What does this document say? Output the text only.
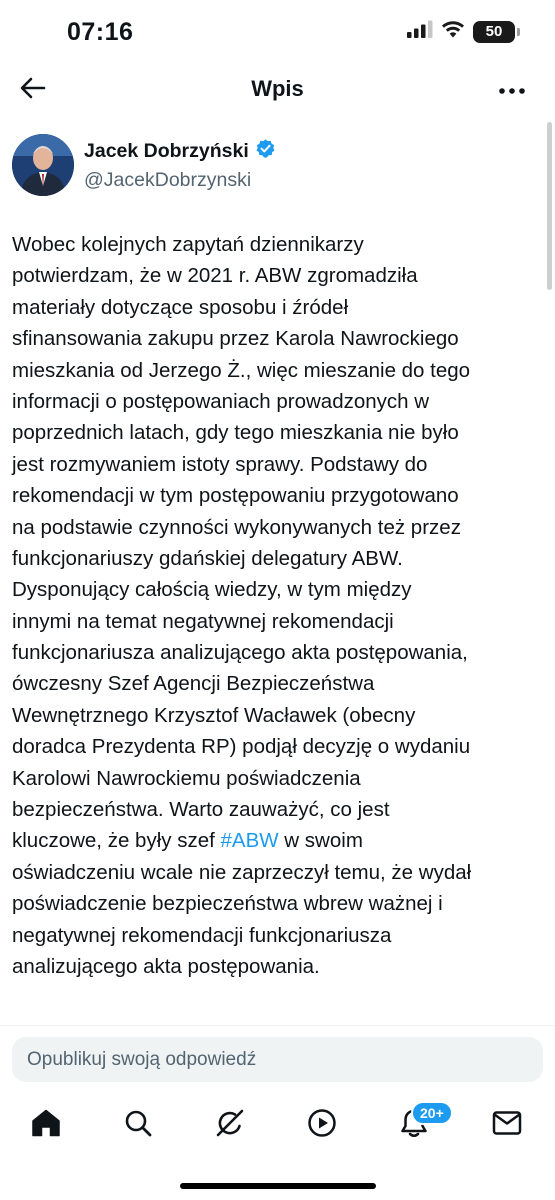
07:16	50
Wpis
Jacek Dobrzyński
@JacekDobrzynski
Wobec kolejnych zapytań dziennikarzy
potwierdzam, że w 2021 r. ABW zgromadziła
materiały dotyczące sposobu i źródeł
sfinansowania zakupu przez Karola Nawrockiego
mieszkania od Jerzego Ż., więc mieszanie do tego
informacji o postępowaniach prowadzonych w
poprzednich latach, gdy tego mieszkania nie było
jest rozmywaniem istoty sprawy. Podstawy do
rekomendacji w tym postępowaniu przygotowano
na podstawie czynności wykonywanych też przez
funkcjonariuszy gdańskiej delegatury ABW.
Dysponujący całością wiedzy, w tym między
innymi na temat negatywnej rekomendacji
funkcjonariusza analizującego akta postępowania,
ówczesny Szef Agencji Bezpieczeństwa
Wewnętrznego Krzysztof Wacławek (obecny
doradca Prezydenta RP) podjął decyzję o wydaniu
Karolowi Nawrockiemu poświadczenia
bezpieczeństwa. Warto zauważyć, co jest
kluczowe, że były szef #ABW w swoim
oświadczeniu wcale nie zaprzeczył temu, że wydał
poświadczenie bezpieczeństwa wbrew ważnej i
negatywnej rekomendacji funkcjonariusza
analizującego akta postępowania.
Opublikuj swoją odpowiedź
20+
